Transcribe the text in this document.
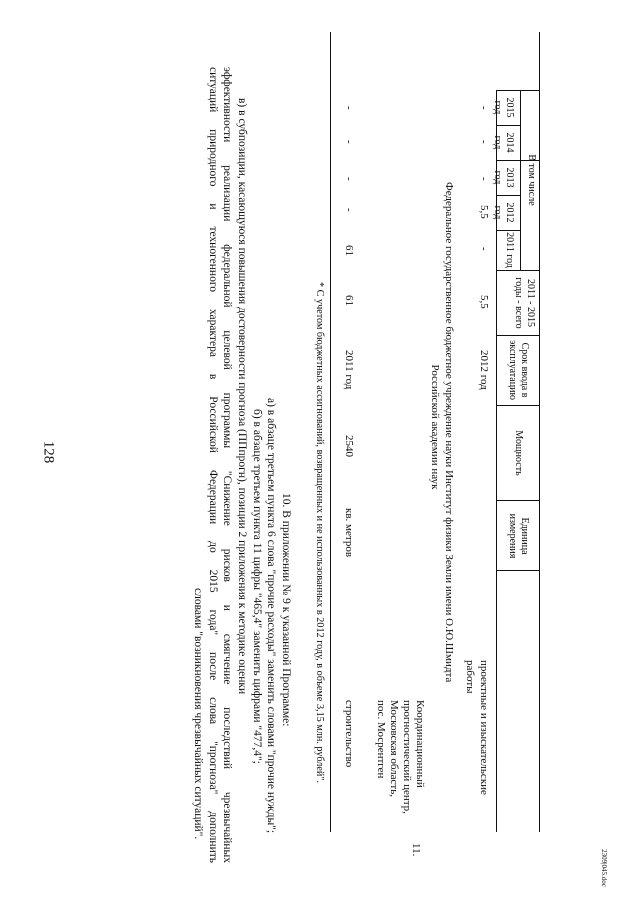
128
2309|045.doc
В том числе
2015 год
2014 год
2013 год
2012 год
2011 год
2011 - 2015 годы - всего
Срок ввода в эксплуатацию
Мощность
Единица измерения
проектные и изыскательские
работы
2012 год
5,5
-
5,5
-
-
-
Федеральное государственное бюджетное учреждение науки Институт физики Земли имени О.Ю.Шмидта
Российской академии наук
11.
Координационный
прогностический центр,
Московская область,
пос. Мосрентген
строительство
кв. метров
2540
2011 год
61
61
-
-
-
-
* С учетом бюджетных ассигнований, возвращенных и не использованных в 2012 году, в объеме 3,15 млн. рублей".
10. В приложении № 9 к указанной Программе:
а) в абзаце третьем пункта 6 слова "прочие расходы" заменить словами "прочие нужды";
б) в абзаце третьем пункта 11 цифры "465,4" заменить цифрами "477,4";
в) в субпозиции, касающуюся повышения достоверности прогноза (ППпрогн), позиции 2 приложения к методике оценки
эффективности реализации федеральной целевой программы "Снижение рисков и смягчение последствий чрезвычайных
ситуаций природного и техногенного характера в Российской Федерации до 2015 года" после слова "прогноза" дополнить
словами "возникновения чрезвычайных ситуаций".
